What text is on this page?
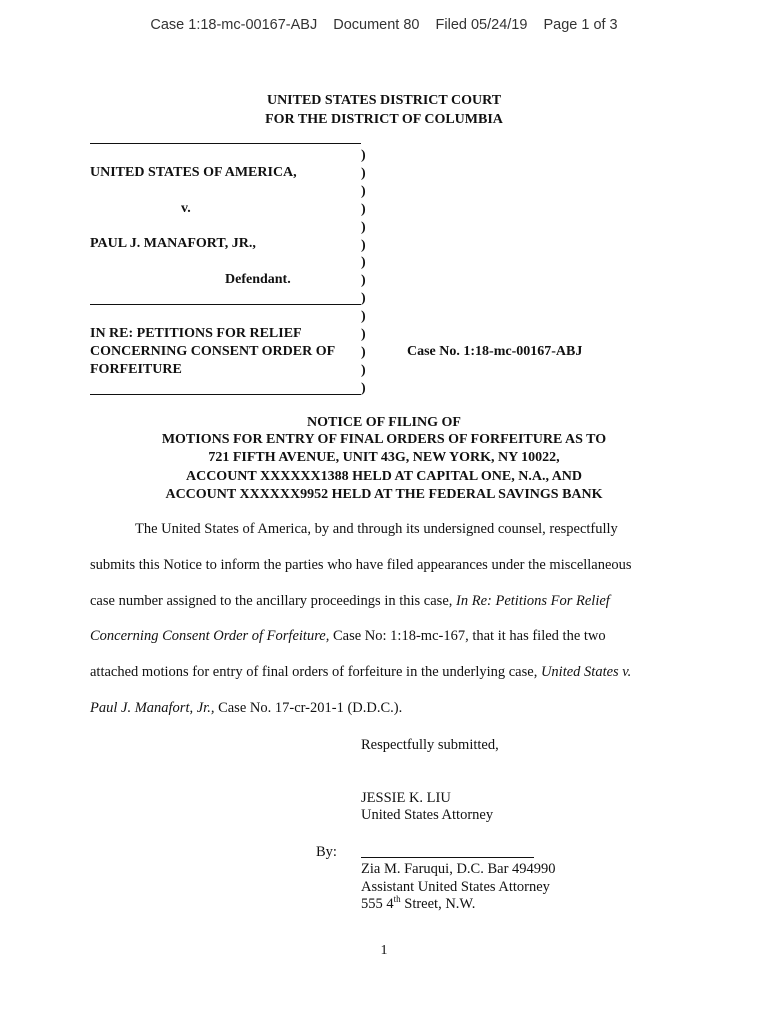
Case 1:18-mc-00167-ABJ Document 80 Filed 05/24/19 Page 1 of 3
UNITED STATES DISTRICT COURT
FOR THE DISTRICT OF COLUMBIA
)
)
)
)
)
)
)
)
)
)
)
)
)
)
UNITED STATES OF AMERICA,
v.
PAUL J. MANAFORT, JR.,
Defendant.
IN RE: PETITIONS FOR RELIEF
CONCERNING CONSENT ORDER OF
FORFEITURE
Case No. 1:18-mc-00167-ABJ
NOTICE OF FILING OF
MOTIONS FOR ENTRY OF FINAL ORDERS OF FORFEITURE AS TO
721 FIFTH AVENUE, UNIT 43G, NEW YORK, NY 10022,
ACCOUNT XXXXXX1388 HELD AT CAPITAL ONE, N.A., AND
ACCOUNT XXXXXX9952 HELD AT THE FEDERAL SAVINGS BANK
The United States of America, by and through its undersigned counsel, respectfully
submits this Notice to inform the parties who have filed appearances under the miscellaneous
case number assigned to the ancillary proceedings in this case, In Re: Petitions For Relief
Concerning Consent Order of Forfeiture, Case No: 1:18-mc-167, that it has filed the two
attached motions for entry of final orders of forfeiture in the underlying case, United States v.
Paul J. Manafort, Jr., Case No. 17-cr-201-1 (D.D.C.).
Respectfully submitted,
JESSIE K. LIU
United States Attorney
By:
Zia M. Faruqui, D.C. Bar 494990
Assistant United States Attorney
555 4th Street, N.W.
1
